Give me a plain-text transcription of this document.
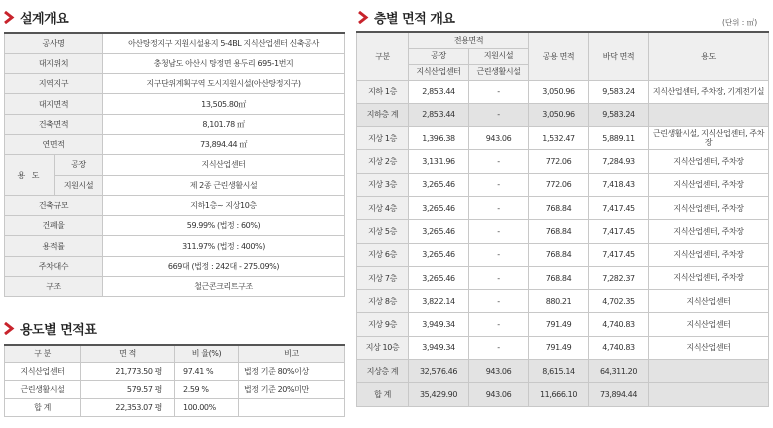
설계개요
공사명		아산탕정지구 지원시설용지 5-4BL 지식산업센터 신축공사
대지위치		충청남도 아산시 탕정면 용두리 695-1번지
지역지구		지구단위계획구역 도시지원시설(아산탕정지구)
대지면적		13,505.80㎡
건축면적		8,101.78 ㎡
연면적		73,894.44 ㎡
용 도	공장	지식산업센터
	지원시설	제 2종 근린생활시설
건축규모		지하1층~ 지상10층
건폐율		59.99% (법정 : 60%)
용적률		311.97% (법정 : 400%)
주차대수		669대 (법정 : 242대 - 275.09%)
구조		철근콘크리트구조
용도별 면적표
구 분	면 적	비 율(%)	비고
지식산업센터	21,773.50 평	97.41 %	법정 기준 80%이상
근린생활시설	579.57 평	2.59 %	법정 기준 20%미만
합 계	22,353.07 평	100.00%	
층별 면적 개요	(단위 : ㎡)
구분	전용면적		공용 면적	바닥 면적	용도
	공장	지원시설			
	지식산업센터	근린생활시설			
지하 1층	2,853.44	-	3,050.96	9,583.24	지식산업센터, 주차장, 기계전기실
지하층 계	2,853.44	-	3,050.96	9,583.24	
지상 1층	1,396.38	943.06	1,532.47	5,889.11	근린생활시설, 지식산업센터, 주차장
지상 2층	3,131.96	-	772.06	7,284.93	지식산업센터, 주차장
지상 3층	3,265.46	-	772.06	7,418.43	지식산업센터, 주차장
지상 4층	3,265.46	-	768.84	7,417.45	지식산업센터, 주차장
지상 5층	3,265.46	-	768.84	7,417.45	지식산업센터, 주차장
지상 6층	3,265.46	-	768.84	7,417.45	지식산업센터, 주차장
지상 7층	3,265.46	-	768.84	7,282.37	지식산업센터, 주차장
지상 8층	3,822.14	-	880.21	4,702.35	지식산업센터
지상 9층	3,949.34	-	791.49	4,740.83	지식산업센터
지상 10층	3,949.34	-	791.49	4,740.83	지식산업센터
지상층 계	32,576.46	943.06	8,615.14	64,311.20	
합 계	35,429.90	943.06	11,666.10	73,894.44	
